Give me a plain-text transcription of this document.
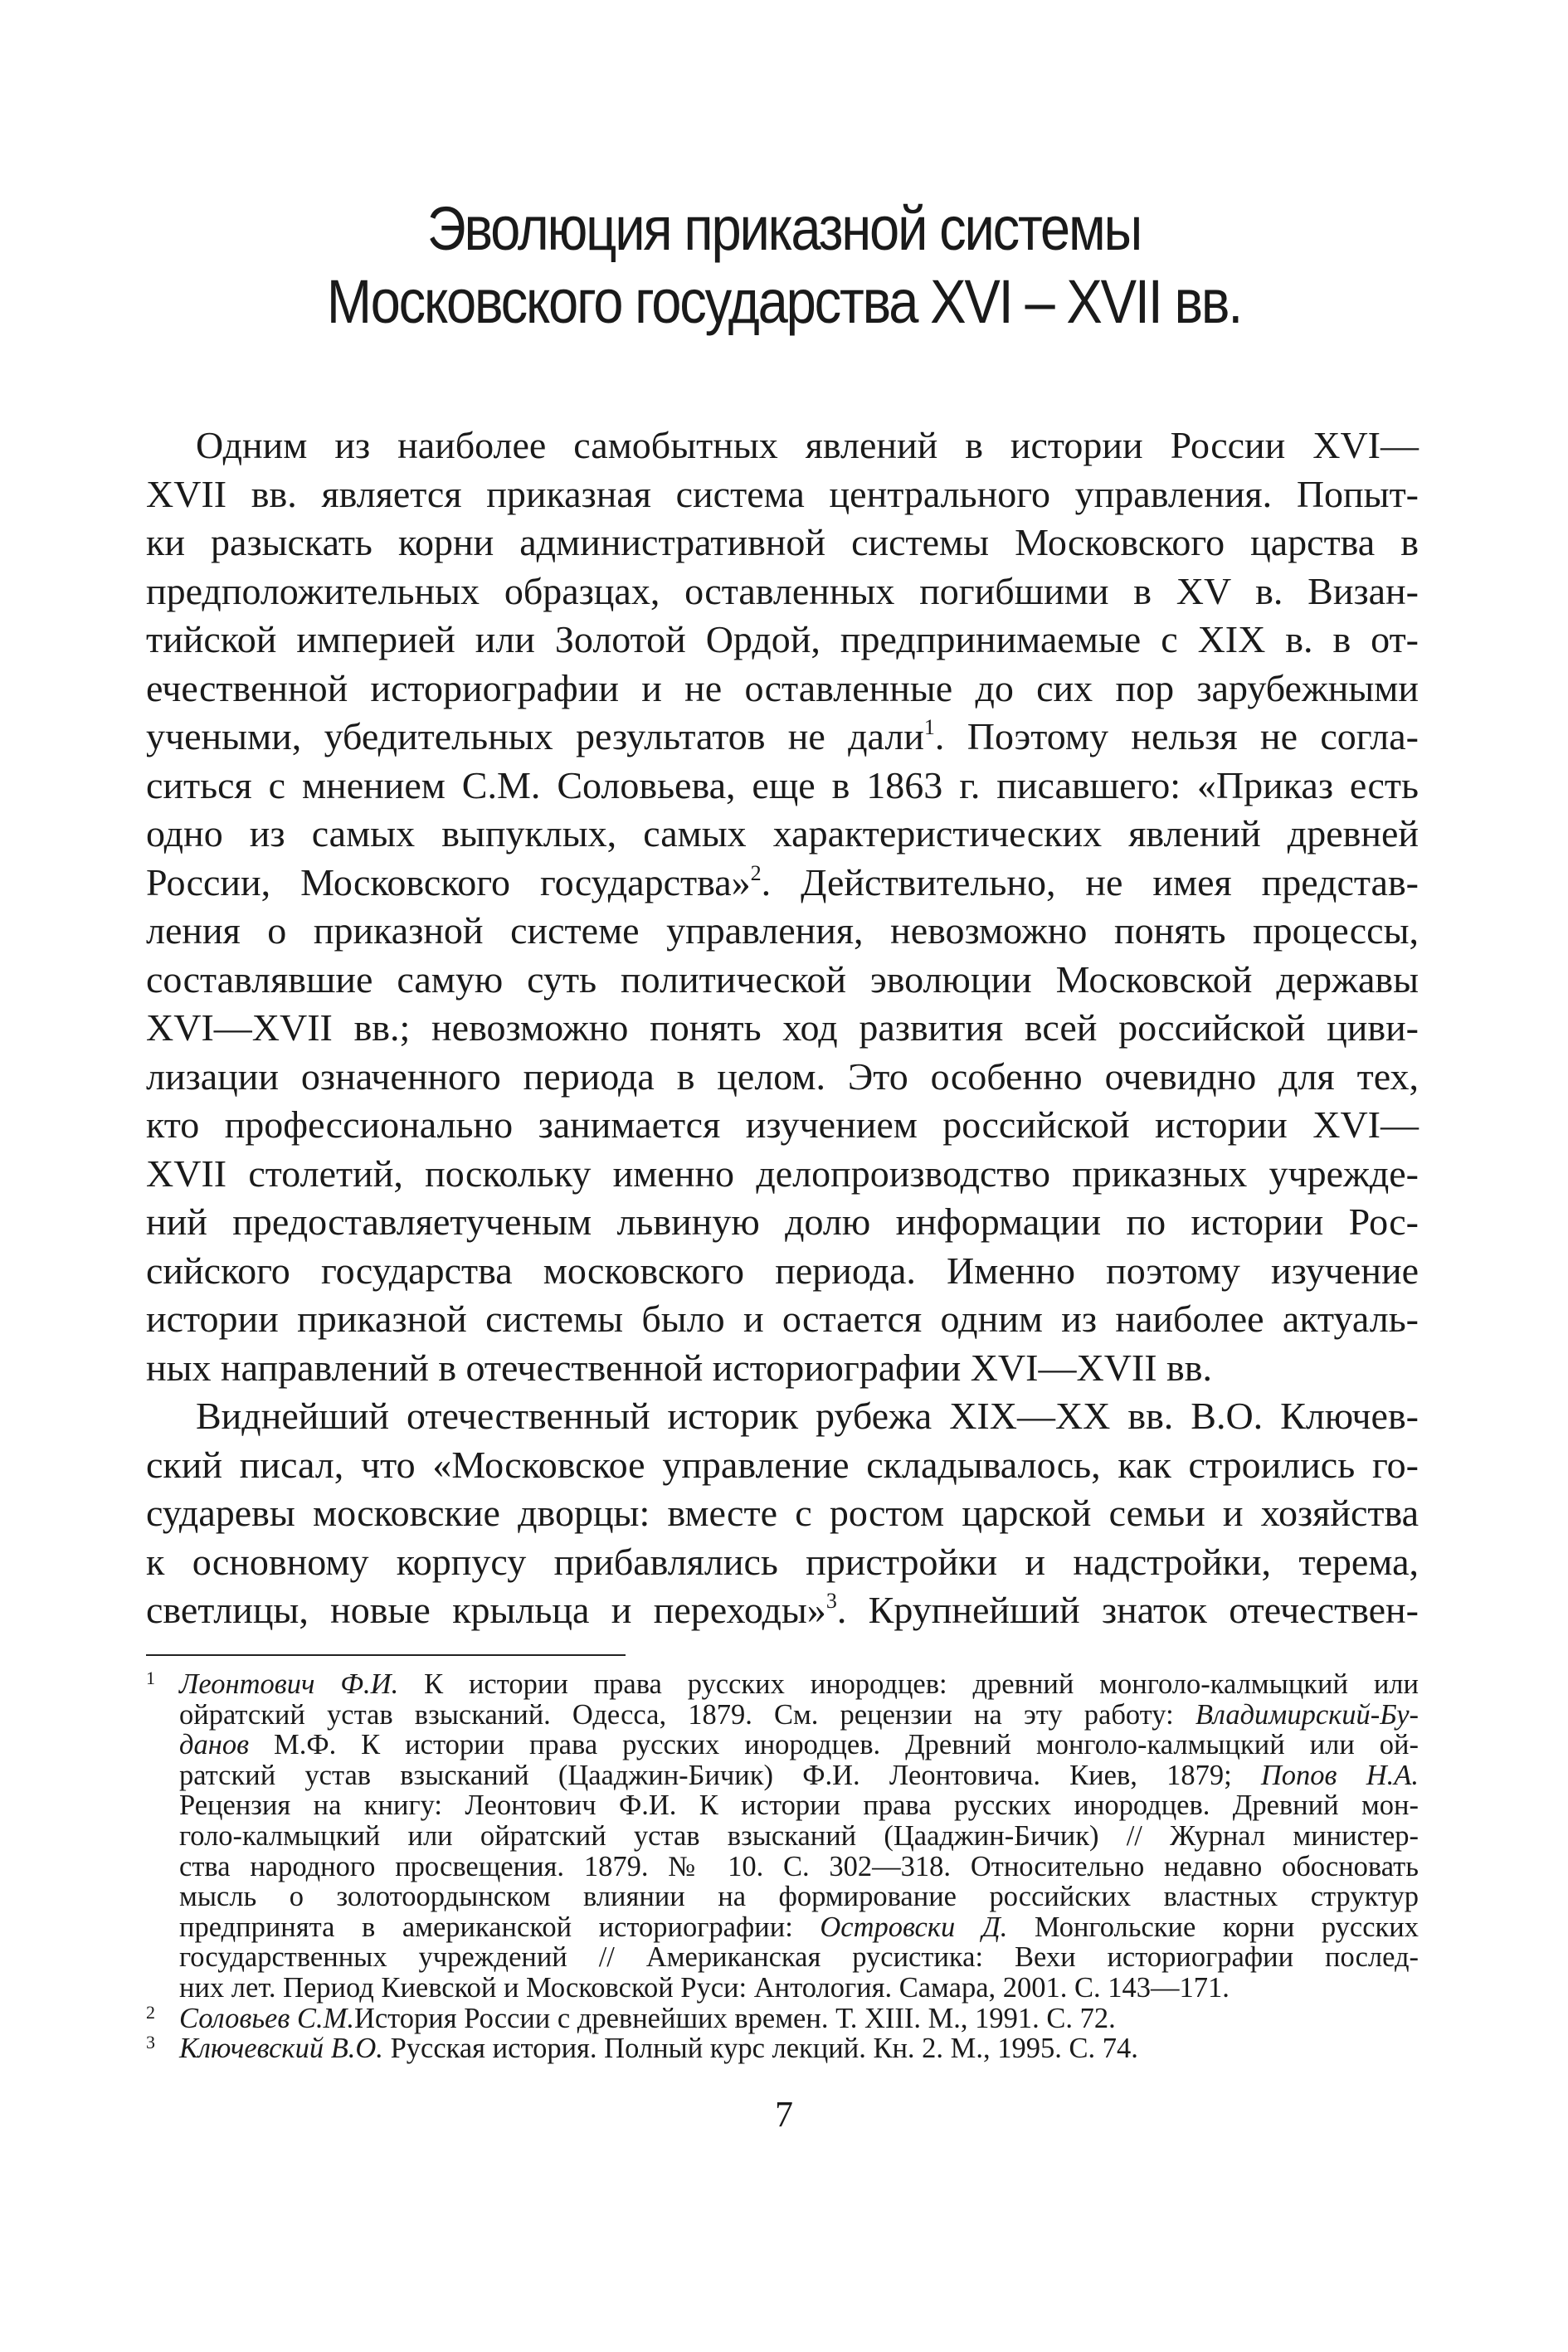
Эволюция приказной системы
Московского государства XVI – XVII вв.
Одним из наиболее самобытных явлений в истории России XVI—
XVII вв. является приказная система центрального управления. Попыт-
ки разыскать корни административной системы Московского царства в
предположительных образцах, оставленных погибшими в XV в. Визан-
тийской империей или Золотой Ордой, предпринимаемые с XIX в. в от-
ечественной историографии и не оставленные до сих пор зарубежными
учеными, убедительных результатов не дали$^1$. Поэтому нельзя не согла-
ситься с мнением С.М. Соловьева, еще в 1863 г. писавшего: «Приказ есть
одно из самых выпуклых, самых характеристических явлений древней
России, Московского государства»$^2$. Действительно, не имея представ-
ления о приказной системе управления, невозможно понять процессы,
составлявшие самую суть политической эволюции Московской державы
XVI—XVII вв.; невозможно понять ход развития всей российской циви-
лизации означенного периода в целом. Это особенно очевидно для тех,
кто профессионально занимается изучением российской истории XVI—
XVII столетий, поскольку именно делопроизводство приказных учрежде-
ний предоставляетученым львиную долю информации по истории Рос-
сийского государства московского периода. Именно поэтому изучение
истории приказной системы было и остается одним из наиболее актуаль-
ных направлений в отечественной историографии XVI—XVII вв.
Виднейший отечественный историк рубежа XIX—XX вв. В.О. Ключев-
ский писал, что «Московское управление складывалось, как строились го-
сударевы московские дворцы: вместе с ростом царской семьи и хозяйства
к основному корпусу прибавлялись пристройки и надстройки, терема,
светлицы, новые крыльца и переходы»$^3$. Крупнейший знаток отечествен-
1 Леонтович Ф.И. К истории права русских инородцев: древний монголо-калмыцкий или
ойратский устав взысканий. Одесса, 1879. См. рецензии на эту работу: Владимирский-Бу-
данов М.Ф. К истории права русских инородцев. Древний монголо-калмыцкий или ой-
ратский устав взысканий (Цааджин-Бичик) Ф.И. Леонтовича. Киев, 1879; Попов Н.А.
Рецензия на книгу: Леонтович Ф.И. К истории права русских инородцев. Древний мон-
голо-калмыцкий или ойратский устав взысканий (Цааджин-Бичик) // Журнал министер-
ства народного просвещения. 1879. № 10. С. 302—318. Относительно недавно обосновать
мысль о золотоордынском влиянии на формирование российских властных структур
предпринята в американской историографии: Островски Д. Монгольские корни русских
государственных учреждений // Американская русистика: Вехи историографии послед-
них лет. Период Киевской и Московской Руси: Антология. Самара, 2001. С. 143—171.
2 Соловьев С.М.История России с древнейших времен. Т. XIII. М., 1991. С. 72.
3 Ключевский В.О. Русская история. Полный курс лекций. Кн. 2. М., 1995. С. 74.
7
